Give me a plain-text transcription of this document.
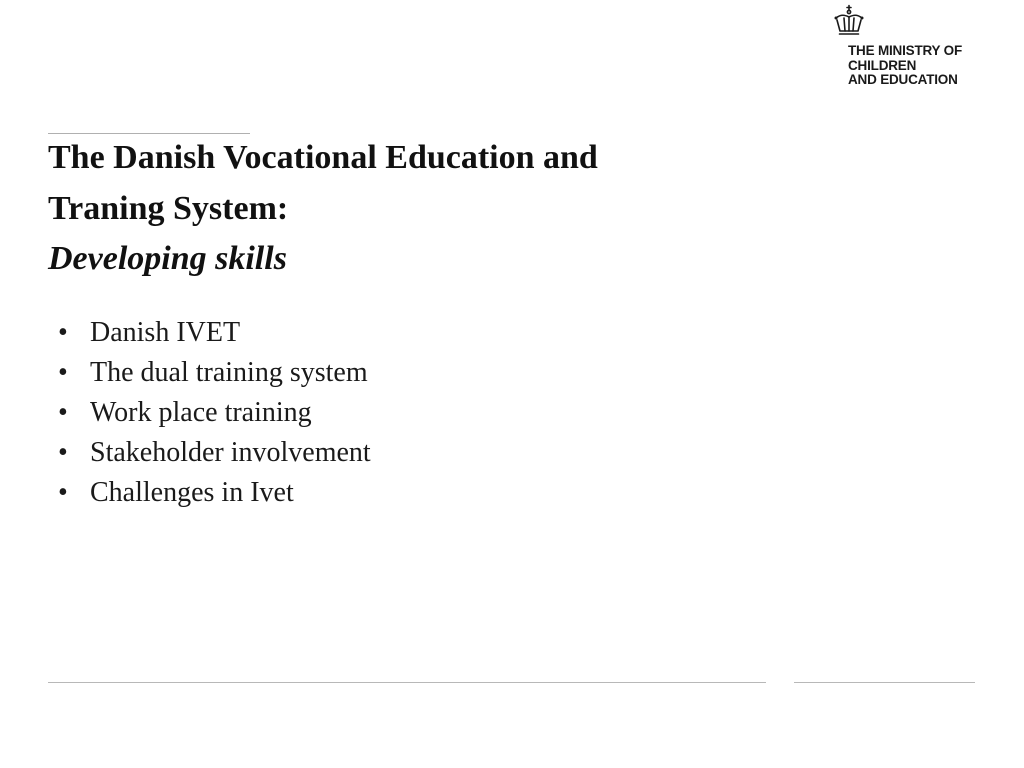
THE MINISTRY OF
CHILDREN
AND EDUCATION
The Danish Vocational Education and
Traning System:
Developing skills
• Danish IVET
• The dual training system
• Work place training
• Stakeholder involvement
• Challenges in Ivet
